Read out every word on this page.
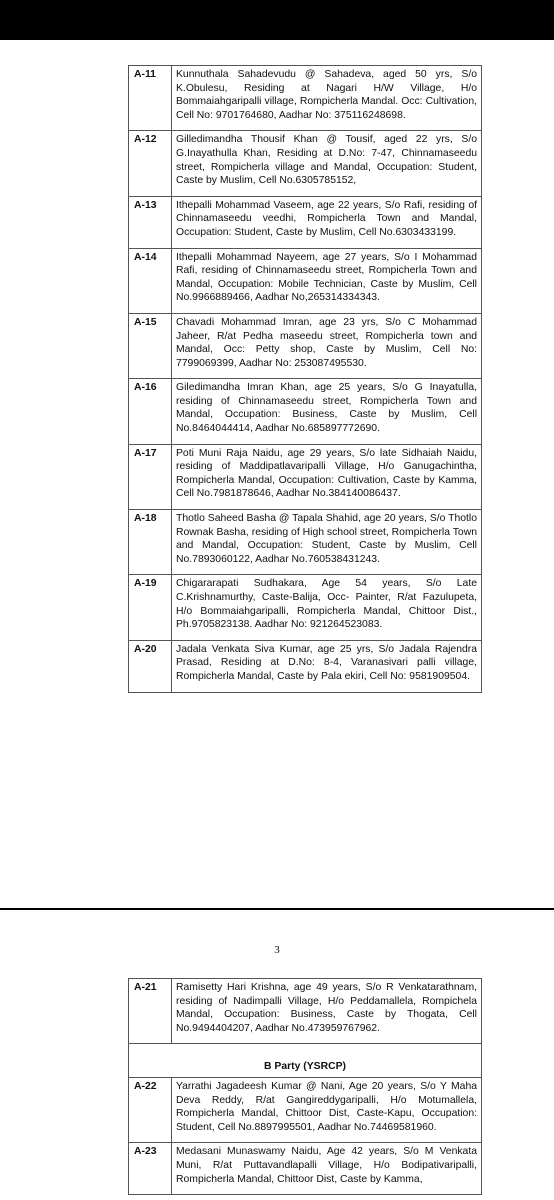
A-11	Kunnuthala Sahadevudu @ Sahadeva, aged 50 yrs, S/o K.Obulesu, Residing at Nagari H/W Village, H/o Bommaiahgaripalli village, Rompicherla Mandal. Occ: Cultivation, Cell No: 9701764680, Aadhar No: 375116248698.
A-12	Gilledimandha Thousif Khan @ Tousif, aged 22 yrs, S/o G.Inayathulla Khan, Residing at D.No: 7-47, Chinnamaseedu street, Rompicherla village and Mandal, Occupation: Student, Caste by Muslim, Cell No.6305785152,
A-13	Ithepalli Mohammad Vaseem, age 22 years, S/o Rafi, residing of Chinnamaseedu veedhi, Rompicherla Town and Mandal, Occupation: Student, Caste by Muslim, Cell No.6303433199.
A-14	Ithepalli Mohammad Nayeem, age 27 years, S/o I Mohammad Rafi, residing of Chinnamaseedu street, Rompicherla Town and Mandal, Occupation: Mobile Technician, Caste by Muslim, Cell No.9966889466, Aadhar No,265314334343.
A-15	Chavadi Mohammad Imran, age 23 yrs, S/o C Mohammad Jaheer, R/at Pedha maseedu street, Rompicherla town and Mandal, Occ: Petty shop, Caste by Muslim, Cell No: 7799069399, Aadhar No: 253087495530.
A-16	Giledimandha Imran Khan, age 25 years, S/o G Inayatulla, residing of Chinnamaseedu street, Rompicherla Town and Mandal, Occupation: Business, Caste by Muslim, Cell No.8464044414, Aadhar No.685897772690.
A-17	Poti Muni Raja Naidu, age 29 years, S/o late Sidhaiah Naidu, residing of Maddipatlavaripalli Village, H/o Ganugachintha, Rompicherla Mandal, Occupation: Cultivation, Caste by Kamma, Cell No.7981878646, Aadhar No.384140086437.
A-18	Thotlo Saheed Basha @ Tapala Shahid, age 20 years, S/o Thotlo Rownak Basha, residing of High school street, Rompicherla Town and Mandal, Occupation: Student, Caste by Muslim, Cell No.7893060122, Aadhar No.760538431243.
A-19	Chigararapati Sudhakara, Age 54 years, S/o Late C.Krishnamurthy, Caste-Balija, Occ- Painter, R/at Fazulupeta, H/o Bommaiahgaripalli, Rompicherla Mandal, Chittoor Dist., Ph.9705823138. Aadhar No: 921264523083.
A-20	Jadala Venkata Siva Kumar, age 25 yrs, S/o Jadala Rajendra Prasad, Residing at D.No: 8-4, Varanasivari palli village, Rompicherla Mandal, Caste by Pala ekiri, Cell No: 9581909504.
3
A-21	Ramisetty Hari Krishna, age 49 years, S/o R Venkatarathnam, residing of Nadimpalli Village, H/o Peddamallela, Rompichela Mandal, Occupation: Business, Caste by Thogata, Cell No.9494404207, Aadhar No.473959767962.
B Party (YSRCP)	
A-22	Yarrathi Jagadeesh Kumar @ Nani, Age 20 years, S/o Y Maha Deva Reddy, R/at Gangireddygaripalli, H/o Motumallela, Rompicherla Mandal, Chittoor Dist, Caste-Kapu, Occupation: Student, Cell No.8897995501, Aadhar No.74469581960.
A-23	Medasani Munaswamy Naidu, Age 42 years, S/o M Venkata Muni, R/at Puttavandlapalli Village, H/o Bodipativaripalli, Rompicherla Mandal, Chittoor Dist, Caste by Kamma,
